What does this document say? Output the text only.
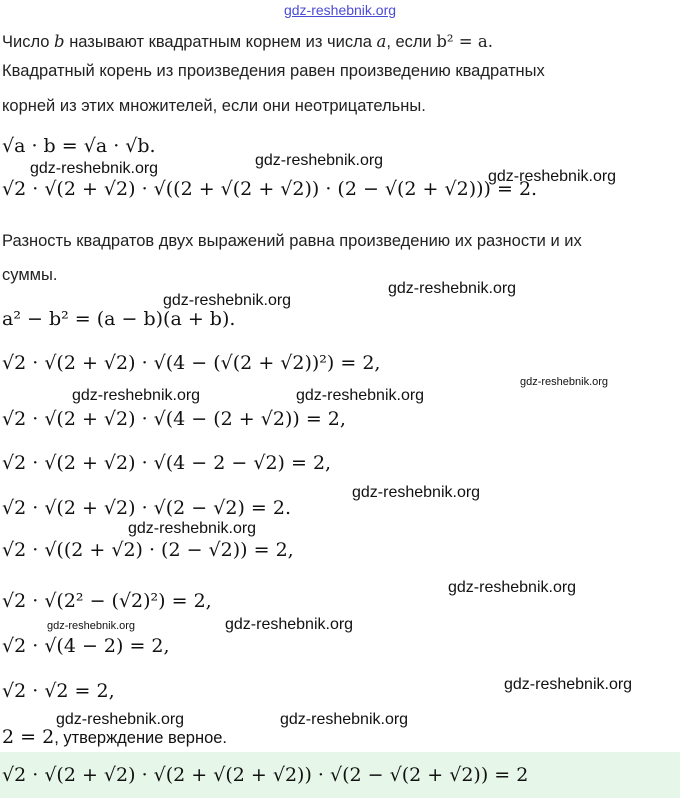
gdz-reshebnik.org
Число b называют квадратным корнем из числа a, если b² = a.
Квадратный корень из произведения равен произведению квадратных
корней из этих множителей, если они неотрицательны.
√a · b = √a · √b.
√2 · √(2 + √2) · √((2 + √(2 + √2)) · (2 − √(2 + √2))) = 2.
Разность квадратов двух выражений равна произведению их разности и их
суммы.
a² − b² = (a − b)(a + b).
√2 · √(2 + √2) · √(4 − (√(2 + √2))²) = 2,
√2 · √(2 + √2) · √(4 − (2 + √2)) = 2,
√2 · √(2 + √2) · √(4 − 2 − √2) = 2,
√2 · √(2 + √2) · √(2 − √2) = 2.
√2 · √((2 + √2) · (2 − √2)) = 2,
√2 · √(2² − (√2)²) = 2,
√2 · √(4 − 2) = 2,
√2 · √2 = 2,
2 = 2, утверждение верное.
√2 · √(2 + √2) · √(2 + √(2 + √2)) · √(2 − √(2 + √2)) = 2
gdz-reshebnik.org	gdz-reshebnik.org
gdz-reshebnik.org
gdz-reshebnik.org
gdz-reshebnik.org
gdz-reshebnik.org
gdz-reshebnik.org	gdz-reshebnik.org
gdz-reshebnik.org
gdz-reshebnik.org
gdz-reshebnik.org
gdz-reshebnik.org	gdz-reshebnik.org
gdz-reshebnik.org
gdz-reshebnik.org	gdz-reshebnik.org
